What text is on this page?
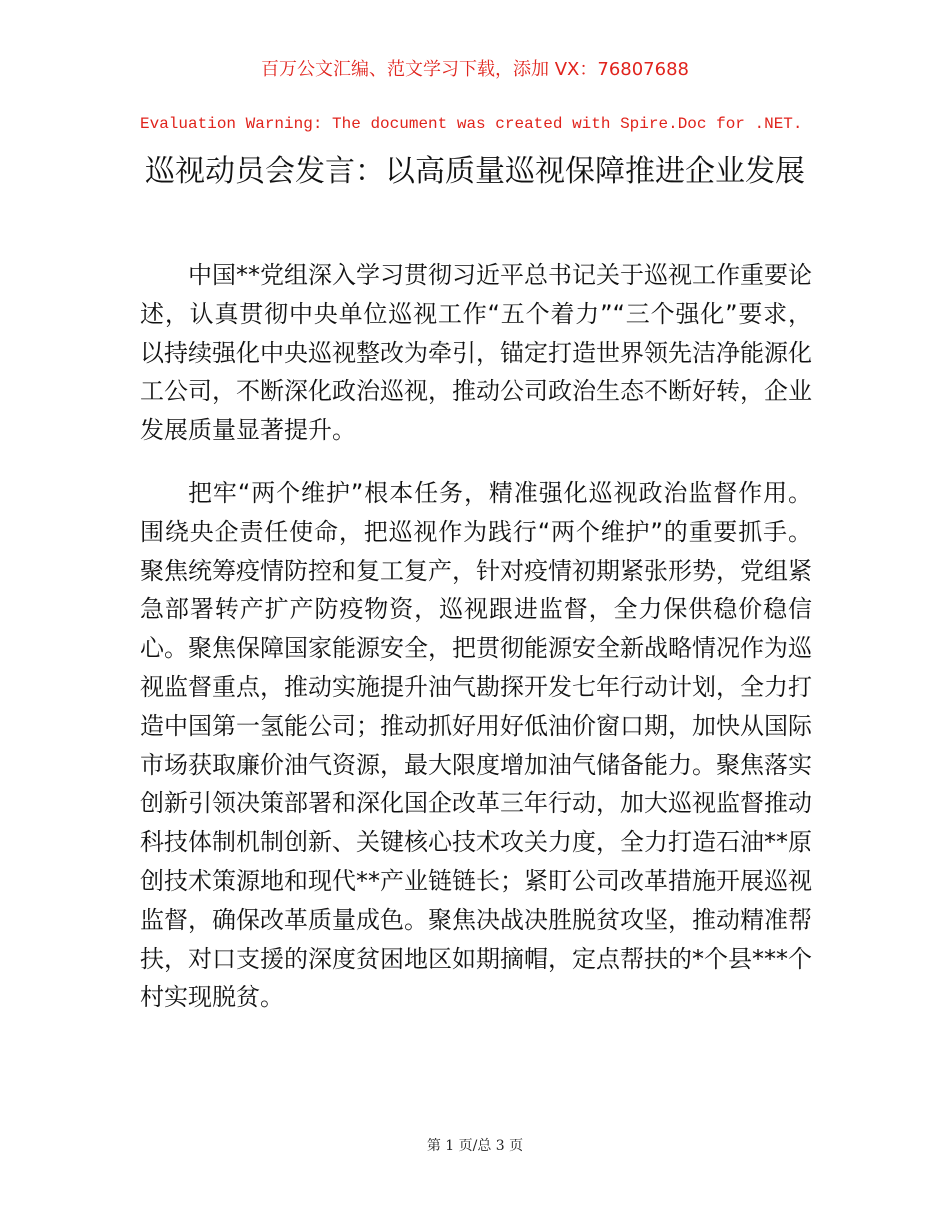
百万公文汇编、范文学习下载，添加 VX：76807688
Evaluation Warning: The document was created with Spire.Doc for .NET.
巡视动员会发言：以高质量巡视保障推进企业发展

中国**党组深入学习贯彻习近平总书记关于巡视工作重要论述，认真贯彻中央单位巡视工作“五个着力”“三个强化”要求，以持续强化中央巡视整改为牵引，锚定打造世界领先洁净能源化工公司，不断深化政治巡视，推动公司政治生态不断好转，企业发展质量显著提升。

把牢“两个维护”根本任务，精准强化巡视政治监督作用。围绕央企责任使命，把巡视作为践行“两个维护”的重要抓手。聚焦统筹疫情防控和复工复产，针对疫情初期紧张形势，党组紧急部署转产扩产防疫物资，巡视跟进监督，全力保供稳价稳信心。聚焦保障国家能源安全，把贯彻能源安全新战略情况作为巡视监督重点，推动实施提升油气勘探开发七年行动计划，全力打造中国第一氢能公司；推动抓好用好低油价窗口期，加快从国际市场获取廉价油气资源，最大限度增加油气储备能力。聚焦落实创新引领决策部署和深化国企改革三年行动，加大巡视监督推动科技体制机制创新、关键核心技术攻关力度，全力打造石油**原创技术策源地和现代**产业链链长；紧盯公司改革措施开展巡视监督，确保改革质量成色。聚焦决战决胜脱贫攻坚，推动精准帮扶，对口支援的深度贫困地区如期摘帽，定点帮扶的*个县***个村实现脱贫。

第 1 页/总 3 页
